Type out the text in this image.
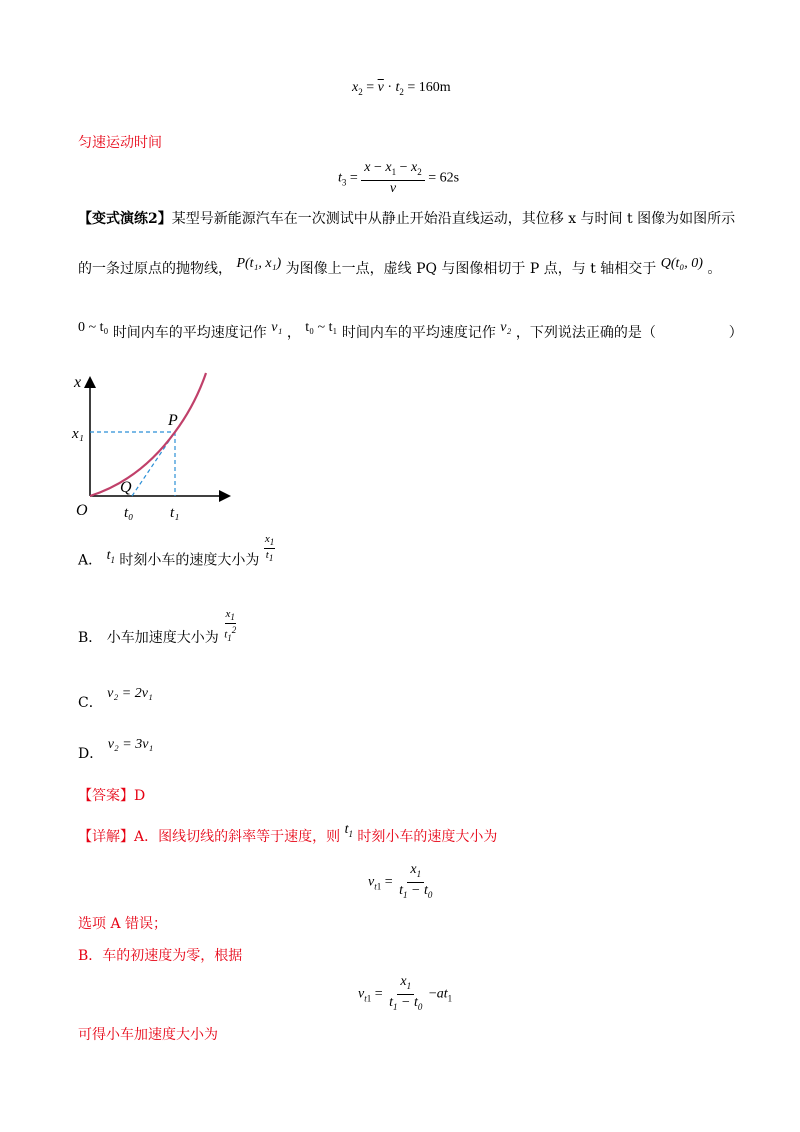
$x_2 = \overline{v} \cdot t_2 = 160m$
匀速运动时间
$t_3 = \frac{x - x_1 - x_2}{v} = 62s$
【变式演练2】某型号新能源汽车在一次测试中从静止开始沿直线运动，其位移 x 与时间 t 图像为如图所示
的一条过原点的抛物线， P(t₁, x₁) 为图像上一点，虚线 PQ 与图像相切于 P 点，与 t 轴相交于 Q(t₀, 0) 。
0 ~ t₀ 时间内车的平均速度记作 v₁ ， t₀ ~ t₁ 时间内车的平均速度记作 v₂ ，下列说法正确的是（	）
x
x₁
P
Q
O t₀ t₁
A． $t_1$ 时刻小车的速度大小为 $\frac{x_1}{t_1}$
B． 小车加速度大小为 $\frac{x_1}{t_1^2}$
C． v₂ = 2v₁
D． v₂ = 3v₁
【答案】D
【详解】A．图线切线的斜率等于速度，则 $t_1$ 时刻小车的速度大小为
$v_{t1} = \frac{x_1}{t_1 - t_0}$
选项 A 错误；
B．车的初速度为零，根据
$v_{t1} = \frac{x_1}{t_1 - t_0} -at_1$
可得小车加速度大小为
